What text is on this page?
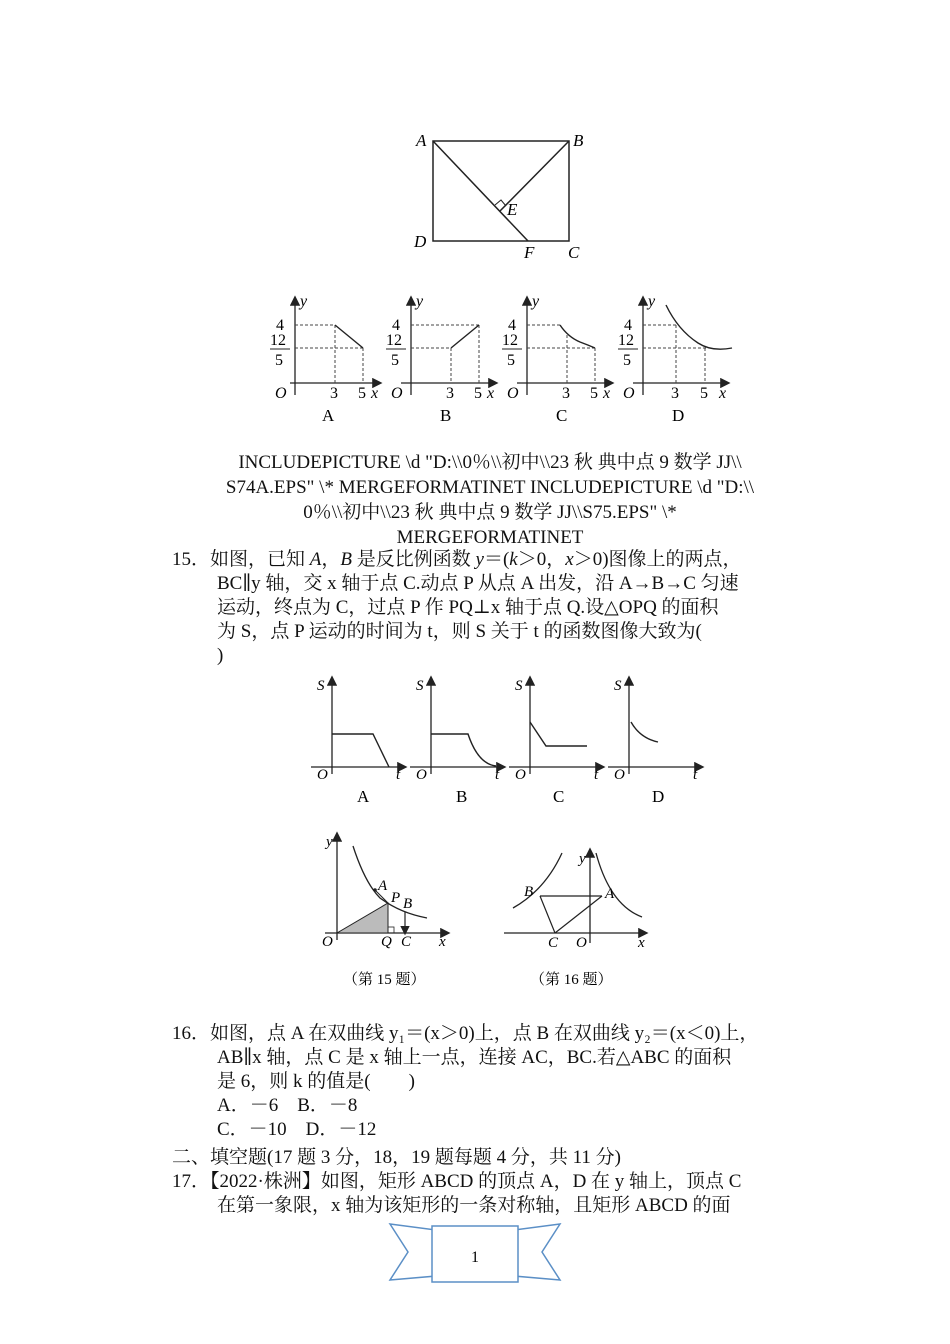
A	B
C
D
E
F
4
12
5
O	3 5 x
y
A
4
12
5
O	3 5 x
y
B
4
12
5
O	3 5 x
y
C
4
12
5
O 3 5 x
y
D
INCLUDEPICTURE \d "D:\\0％\\初中\\23 秋 典中点 9 数学 JJ\\
S74A.EPS" \* MERGEFORMATINET INCLUDEPICTURE \d "D:\\
0％\\初中\\23 秋 典中点 9 数学 JJ\\S75.EPS" \*
MERGEFORMATINET
15．如图，已知 A，B 是反比例函数 y＝(k＞0，x＞0)图像上的两点，
BC∥y 轴，交 x 轴于点 C.动点 P 从点 A 出发，沿 A→B→C 匀速
运动，终点为 C，过点 P 作 PQ⊥x 轴于点 Q.设△OPQ 的面积
为 S，点 P 运动的时间为 t，则 S 关于 t 的函数图像大致为(
)
S
O	t
A
S
O	t
B
S
O	t
C
S
O	t
D
y
A
P B
O	Q C x
（第 15 题）
y
B	A
C O	x
（第 16 题）
16．如图，点 A 在双曲线 y₁＝(x＞0)上，点 B 在双曲线 y₂＝(x＜0)上，
AB∥x 轴，点 C 是 x 轴上一点，连接 AC，BC.若△ABC 的面积
是 6，则 k 的值是(　　)
A．－6　B．－8
C．－10　D．－12
二、填空题(17 题 3 分，18，19 题每题 4 分，共 11 分)
17．【2022·株洲】如图，矩形 ABCD 的顶点 A，D 在 y 轴上，顶点 C
在第一象限，x 轴为该矩形的一条对称轴，且矩形 ABCD 的面
1
